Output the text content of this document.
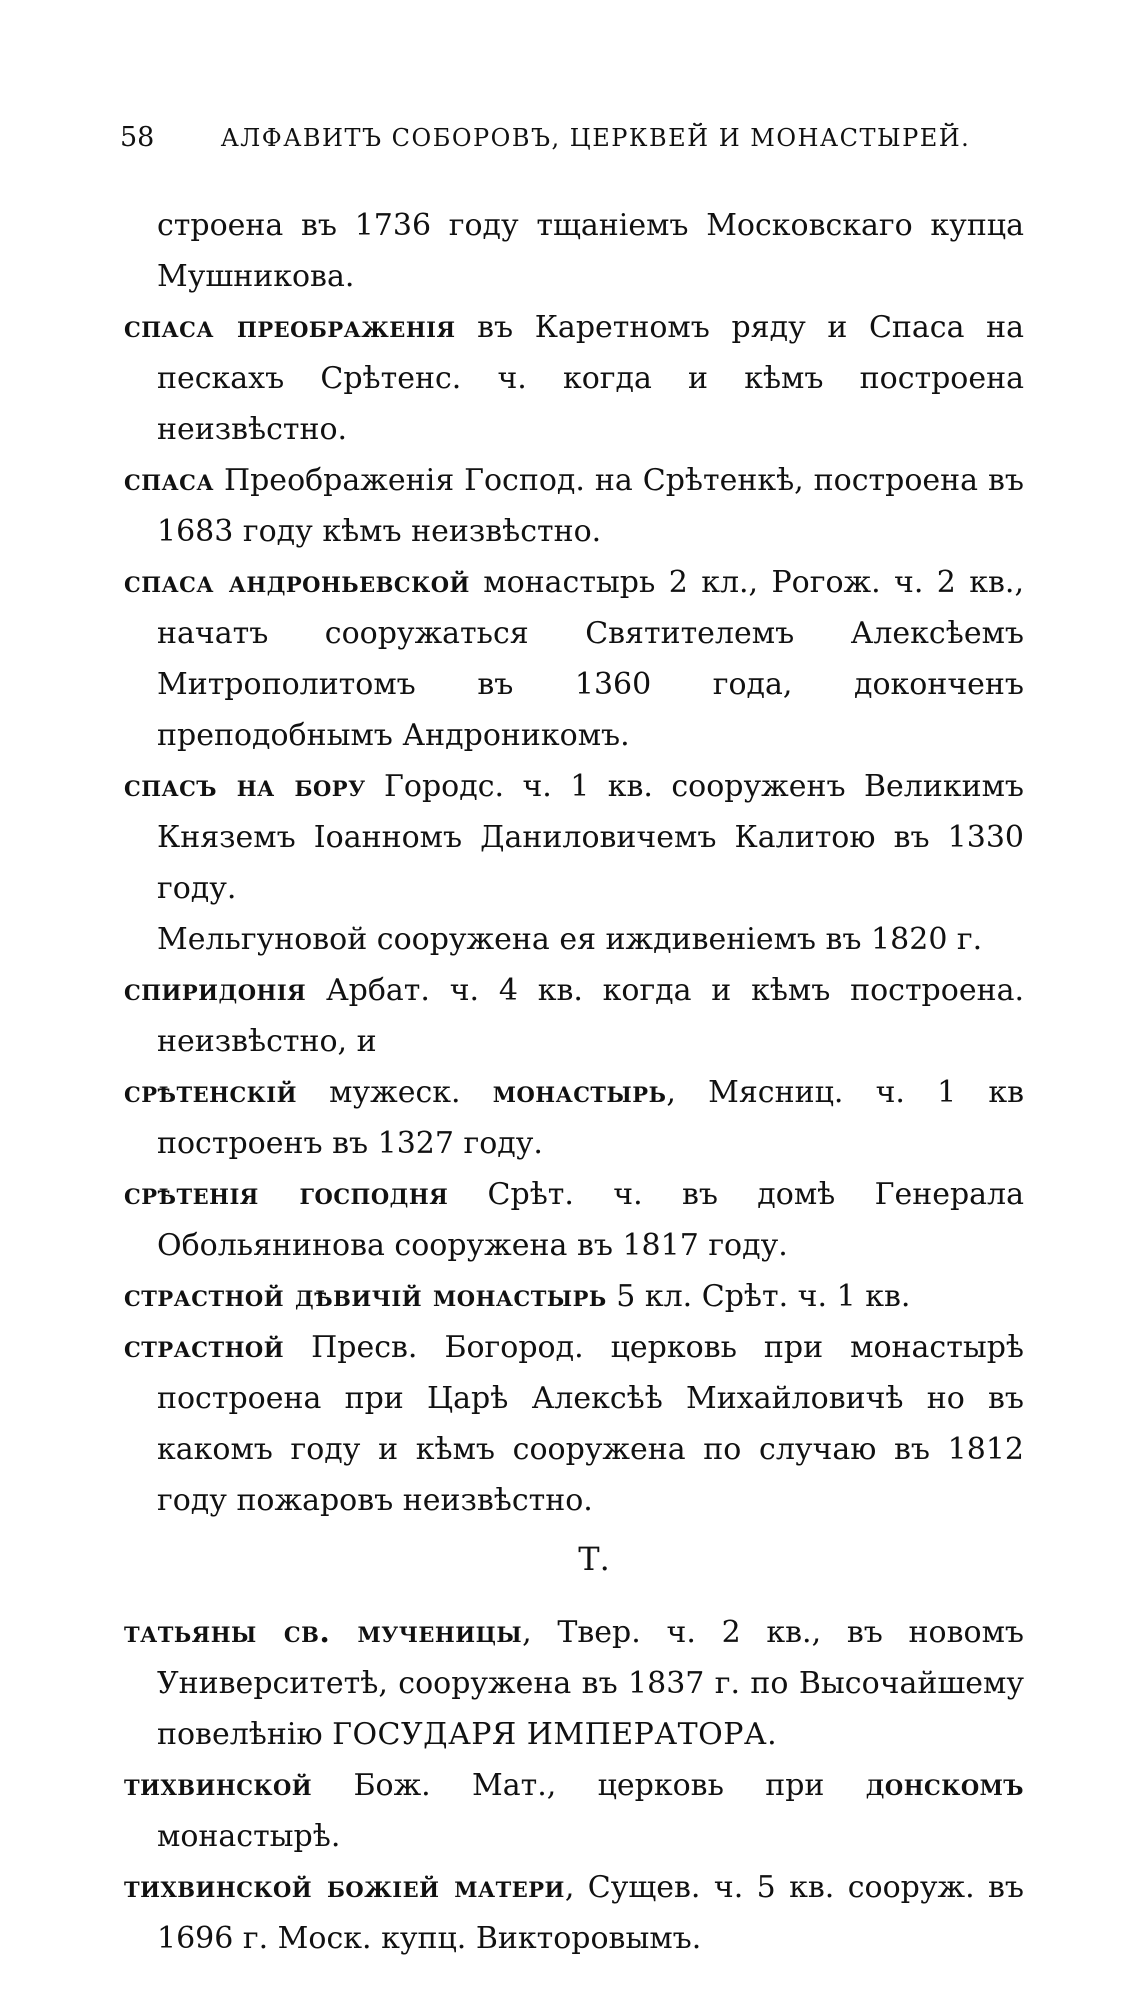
58	АЛФАВИТЪ СОБОРОВЪ, ЦЕРКВЕЙ И МОНАСТЫРЕЙ.

строена въ 1736 году тщаніемъ Московскаго купца Мушникова.

спаса преображенія въ Каретномъ ряду и Спаса на пескахъ Срѣтенс. ч. когда и кѣмъ построена неизвѣстно.

спаса Преображенія Господ. на Срѣтенкѣ, построена въ 1683 году кѣмъ неизвѣстно.

спаса андроньевской монастырь 2 кл., Рогож. ч. 2 кв., начатъ сооружаться Святителемъ Алексѣемъ Митрополитомъ въ 1360 года, доконченъ преподобнымъ Андроникомъ.

спасъ на бору Городс. ч. 1 кв. сооруженъ Великимъ Княземъ Іоанномъ Даниловичемъ Калитою въ 1330 году.

Мельгуновой сооружена ея иждивеніемъ въ 1820 г.

спиридонія Арбат. ч. 4 кв. когда и кѣмъ построена. неизвѣстно, и

срѣтенскій мужеск. монастырь, Мясниц. ч. 1 кв построенъ въ 1327 году.

срѣтенія господня Срѣт. ч. въ домѣ Генерала Обольянинова сооружена въ 1817 году.

страстной дѣвичій монастырь 5 кл. Срѣт. ч. 1 кв.

страстной Пресв. Богород. церковь при монастырѣ построена при Царѣ Алексѣѣ Михайловичѣ но въ какомъ году и кѣмъ сооружена по случаю въ 1812 году пожаровъ неизвѣстно.

Т.

татьяны св. мученицы, Твер. ч. 2 кв., въ новомъ Университетѣ, сооружена въ 1837 г. по Высочайшему повелѣнію ГОСУДАРЯ ИМПЕРАТОРА.

тихвинской Бож. Мат., церковь при донскомъ монастырѣ.

тихвинской божіей матери, Сущев. ч. 5 кв. сооруж. въ 1696 г. Моск. купц. Викторовымъ.
